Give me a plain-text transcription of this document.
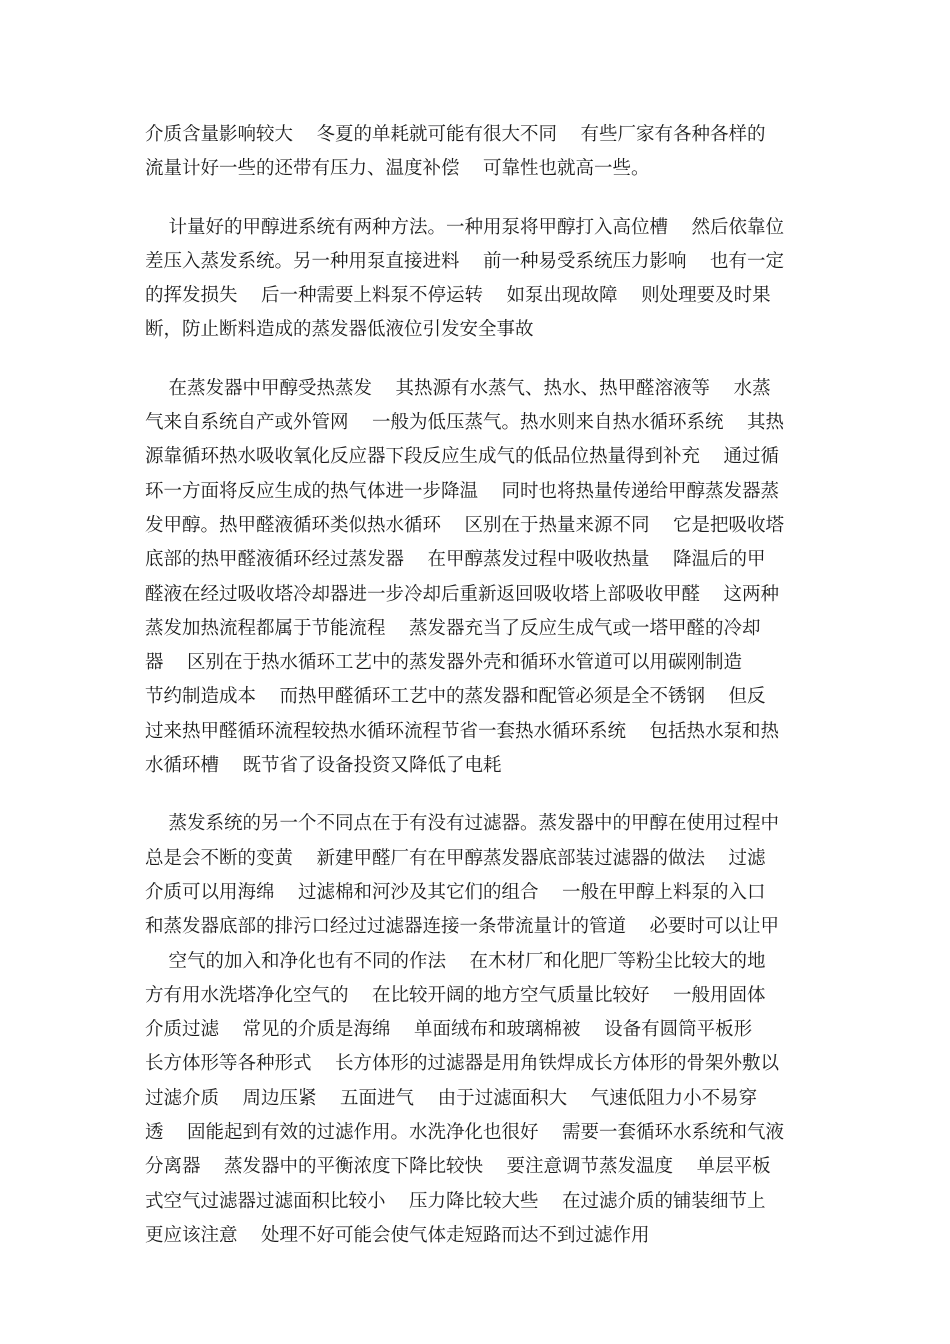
介质含量影响较大    冬夏的单耗就可能有很大不同    有些厂家有各种各样的
流量计好一些的还带有压力、温度补偿    可靠性也就高一些。
计量好的甲醇进系统有两种方法。一种用泵将甲醇打入高位槽    然后依靠位
差压入蒸发系统。另一种用泵直接进料    前一种易受系统压力影响    也有一定
的挥发损失    后一种需要上料泵不停运转    如泵出现故障    则处理要及时果
断，防止断料造成的蒸发器低液位引发安全事故
在蒸发器中甲醇受热蒸发    其热源有水蒸气、热水、热甲醛溶液等    水蒸
气来自系统自产或外管网    一般为低压蒸气。热水则来自热水循环系统    其热
源靠循环热水吸收氧化反应器下段反应生成气的低品位热量得到补充    通过循
环一方面将反应生成的热气体进一步降温    同时也将热量传递给甲醇蒸发器蒸
发甲醇。热甲醛液循环类似热水循环    区别在于热量来源不同    它是把吸收塔
底部的热甲醛液循环经过蒸发器    在甲醇蒸发过程中吸收热量    降温后的甲
醛液在经过吸收塔冷却器进一步冷却后重新返回吸收塔上部吸收甲醛    这两种
蒸发加热流程都属于节能流程    蒸发器充当了反应生成气或一塔甲醛的冷却
器    区别在于热水循环工艺中的蒸发器外壳和循环水管道可以用碳刚制造
节约制造成本    而热甲醛循环工艺中的蒸发器和配管必须是全不锈钢    但反
过来热甲醛循环流程较热水循环流程节省一套热水循环系统    包括热水泵和热
水循环槽    既节省了设备投资又降低了电耗
蒸发系统的另一个不同点在于有没有过滤器。蒸发器中的甲醇在使用过程中
总是会不断的变黄    新建甲醛厂有在甲醇蒸发器底部装过滤器的做法    过滤
介质可以用海绵    过滤棉和河沙及其它们的组合    一般在甲醇上料泵的入口
和蒸发器底部的排污口经过过滤器连接一条带流量计的管道    必要时可以让甲
空气的加入和净化也有不同的作法    在木材厂和化肥厂等粉尘比较大的地
方有用水洗塔净化空气的    在比较开阔的地方空气质量比较好    一般用固体
介质过滤    常见的介质是海绵    单面绒布和玻璃棉被    设备有圆筒平板形
长方体形等各种形式    长方体形的过滤器是用角铁焊成长方体形的骨架外敷以
过滤介质    周边压紧    五面进气    由于过滤面积大    气速低阻力小不易穿
透    固能起到有效的过滤作用。水洗净化也很好    需要一套循环水系统和气液
分离器    蒸发器中的平衡浓度下降比较快    要注意调节蒸发温度    单层平板
式空气过滤器过滤面积比较小    压力降比较大些    在过滤介质的铺装细节上
更应该注意    处理不好可能会使气体走短路而达不到过滤作用
